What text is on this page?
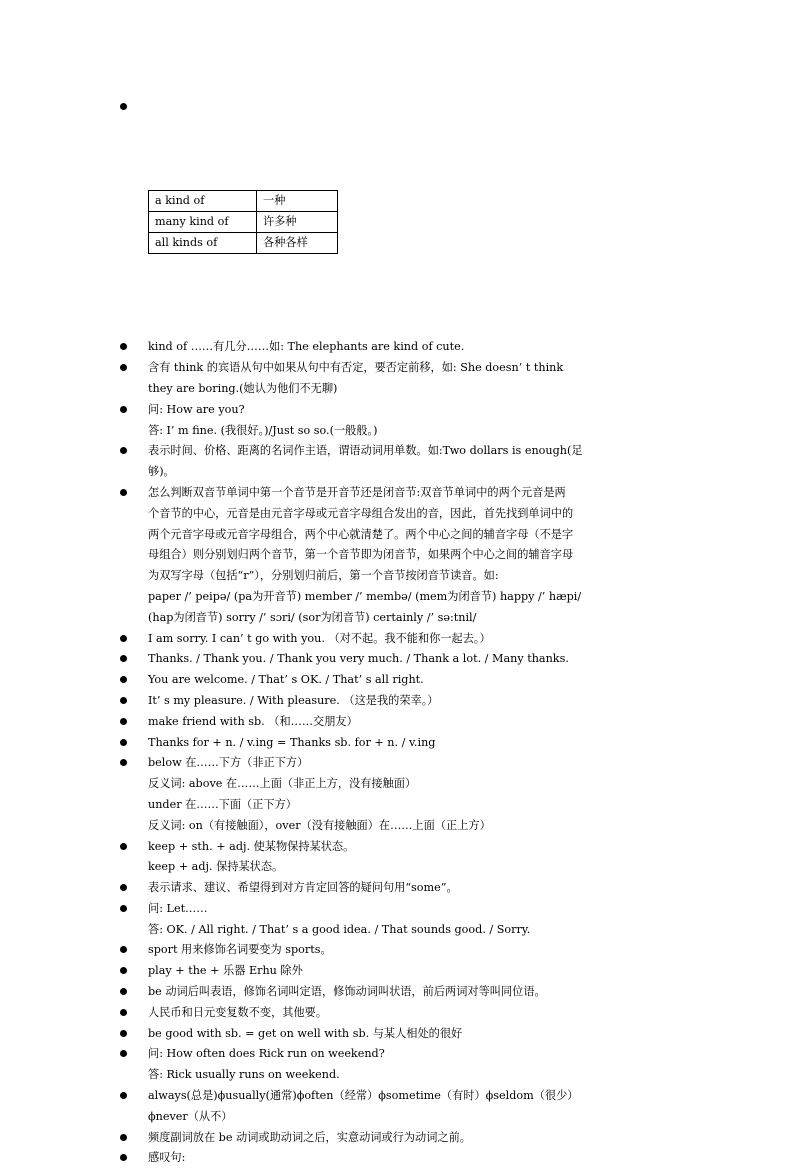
a kind of	一种
many kind of	许多种
all kinds of	各种各样

kind of ……有几分……如: The elephants are kind of cute.
含有 think 的宾语从句中如果从句中有否定，要否定前移，如: She doesn’ t think
they are boring.(她认为他们不无聊)
问: How are you?
答: I’ m fine. (我很好。)/Just so so.(一般般。)
表示时间、价格、距离的名词作主语，谓语动词用单数。如:Two dollars is enough(足
够)。
怎么判断双音节单词中第一个音节是开音节还是闭音节:双音节单词中的两个元音是两
个音节的中心，元音是由元音字母或元音字母组合发出的音，因此，首先找到单词中的
两个元音字母或元音字母组合，两个中心就清楚了。两个中心之间的辅音字母（不是字
母组合）则分别划归两个音节，第一个音节即为闭音节，如果两个中心之间的辅音字母
为双写字母（包括“r”），分别划归前后，第一个音节按闭音节读音。如:
paper /’ peipə/ (pa为开音节) member /’ membə/ (mem为闭音节) happy /’ hæpi/
(hap为闭音节) sorry /’ sɔri/ (sor为闭音节) certainly /’ sə:tnil/
I am sorry. I can’ t go with you. （对不起。我不能和你一起去。）
Thanks. / Thank you. / Thank you very much. / Thank a lot. / Many thanks.
You are welcome. / That’ s OK. / That’ s all right.
It’ s my pleasure. / With pleasure. （这是我的荣幸。）
make friend with sb. （和……交朋友）
Thanks for + n. / v.ing = Thanks sb. for + n. / v.ing
below 在……下方（非正下方）
反义词: above 在……上面（非正上方，没有接触面）
under 在……下面（正下方）
反义词: on（有接触面），over（没有接触面）在……上面（正上方）
keep + sth. + adj. 使某物保持某状态。
keep + adj. 保持某状态。
表示请求、建议、希望得到对方肯定回答的疑问句用“some”。
问: Let……
答: OK. / All right. / That’ s a good idea. / That sounds good. / Sorry.
sport 用来修饰名词要变为 sports。
play + the + 乐器 Erhu 除外
be 动词后叫表语，修饰名词叫定语，修饰动词叫状语，前后两词对等叫同位语。
人民币和日元变复数不变，其他要。
be good with sb. = get on well with sb. 与某人相处的很好
问: How often does Rick run on weekend?
答: Rick usually runs on weekend.
always(总是)ϕusually(通常)ϕoften（经常）ϕsometime（有时）ϕseldom（很少）
ϕnever（从不）
频度副词放在 be 动词或助动词之后，实意动词或行为动词之前。
感叹句:
